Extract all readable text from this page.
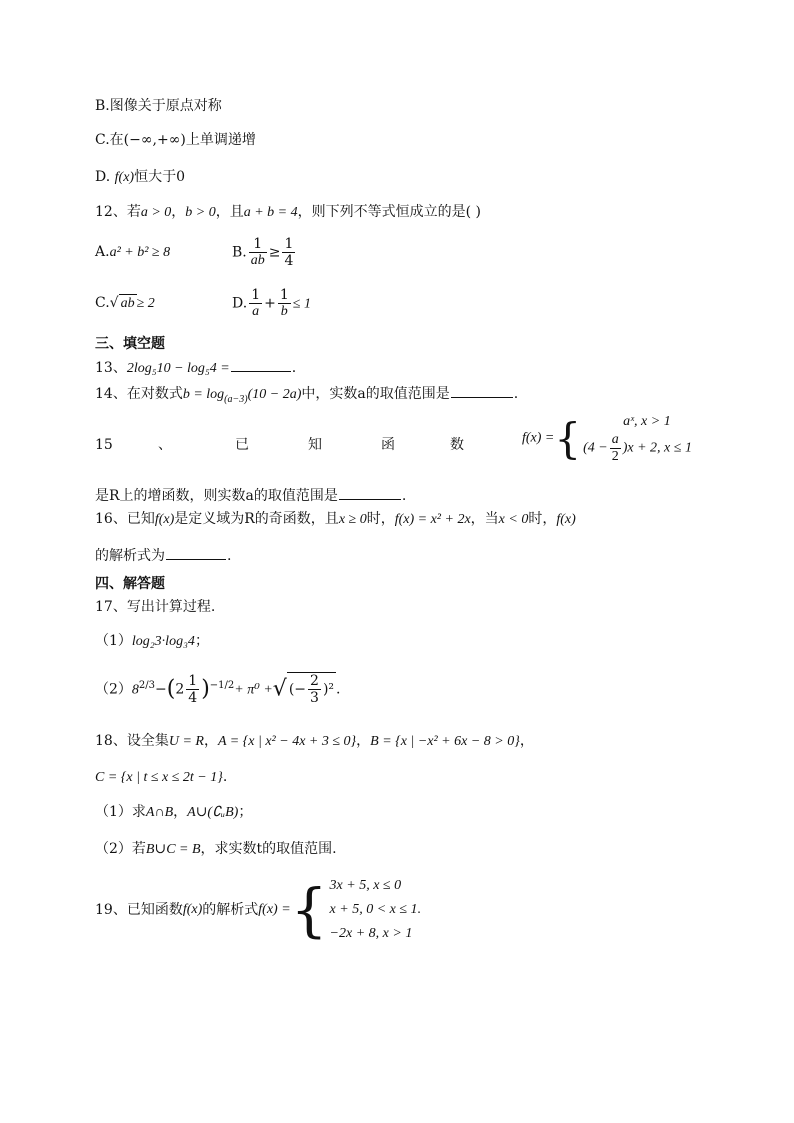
B.图像关于原点对称
C.在(−∞,+∞)上单调递增
D. f(x)恒大于0
12、若a > 0，b > 0，且a + b = 4，则下列不等式恒成立的是( )
A.a² + b² ≥ 8	B. $\frac{1}{ab} \ge \frac{1}{4}$
C.√ ab ≥ 2	D. $\frac{1}{a} + \frac{1}{b} \le 1$
三、填空题
13、2log₅10 − log₅4 =	.
14、在对数式$b = \log_{(a-3)}(10 - 2a)$中，实数a的取值范围是	.
15	、	已	知	函	数	f(x) ={	aˣ, x > 1
$(4 - \frac{a}{2} )x + 2$, x ≤ 1
是R上的增函数，则实数a的取值范围是	.
16、已知f(x)是定义域为R的奇函数，且x ≥ 0时，f(x) = x² + 2x，当x < 0时，f(x)
的解析式为	.
四、解答题
17、写出计算过程.
（1）log₂3·log₃4；
$(2)8^{2/3}-(2 \frac{1}{4} )^{-1/2}+ \pi^0$ +√ (− $\frac{2}{3} )^2$ .
18、设全集U = R，A = {x | x² − 4x + 3 ≤ 0}，B = {x | −x² + 6x − 8 > 0}，
C = {x | t ≤ x ≤ 2t − 1}.
（1）求A∩B，A∪(∁ᵤB)；
（2）若B∪C = B，求实数t的取值范围.
19、已知函数f(x)的解析式f(x) ={ 3x + 5, x ≤ 0
x + 5, 0 < x ≤ 1.
−2x + 8, x > 1
